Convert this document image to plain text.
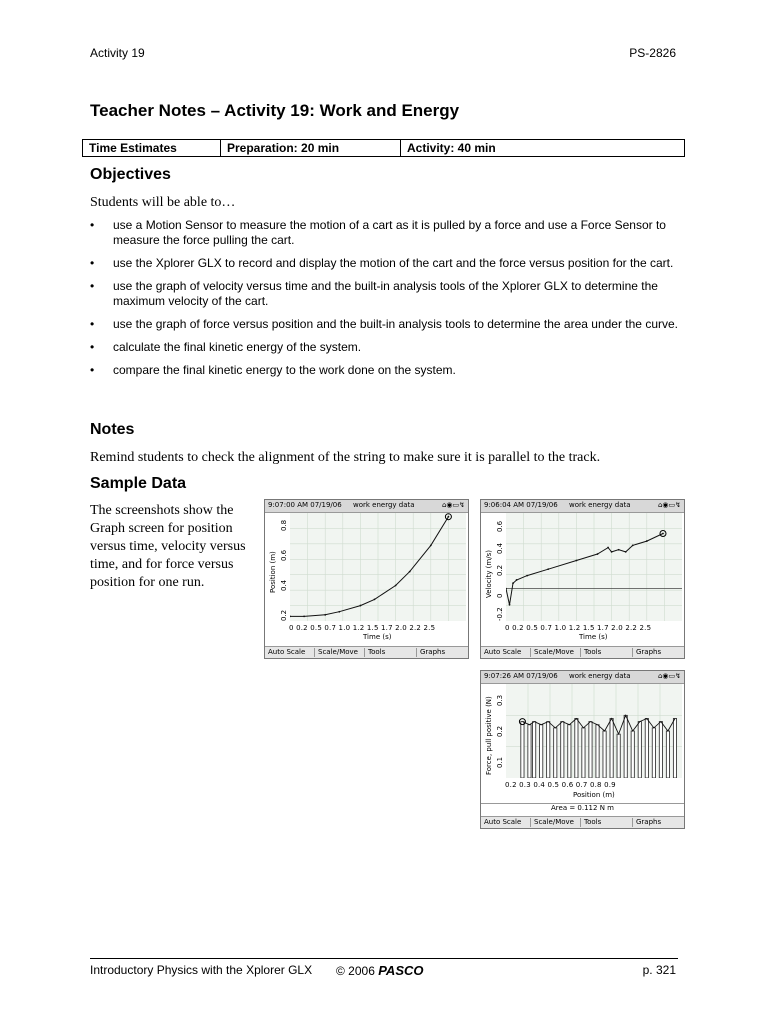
Activity 19	PS-2826
Teacher Notes – Activity 19: Work and Energy
Time Estimates	Preparation: 20 min	Activity: 40 min
Objectives
Students will be able to…
• use a Motion Sensor to measure the motion of a cart as it is pulled by a force and use a Force Sensor to measure the force pulling the cart.
• use the Xplorer GLX to record and display the motion of the cart and the force versus position for the cart.
• use the graph of velocity versus time and the built-in analysis tools of the Xplorer GLX to determine the maximum velocity of the cart.
• use the graph of force versus position and the built-in analysis tools to determine the area under the curve.
• calculate the final kinetic energy of the system.
• compare the final kinetic energy to the work done on the system.
Notes
Remind students to check the alignment of the string to make sure it is parallel to the track.
Sample Data
The screenshots show the Graph screen for position versus time, velocity versus time, and for force versus position for one run.
9:07:00 AM 07/19/06 work energy data	⌂◉▭↯
Position (m)
0 0.2 0.5 0.7 1.0 1.2 1.5 1.7 2.0 2.2 2.5
0.2
0.4
0.6
0.8
Time (s)
Auto Scale	Scale/Move	Tools	Graphs
9:06:04 AM 07/19/06 work energy data	⌂◉▭↯
Velocity (m/s)
0 0.2 0.5 0.7 1.0 1.2 1.5 1.7 2.0 2.2 2.5
-0.2
0
0.2
0.4
0.6
Time (s)
Auto Scale	Scale/Move	Tools	Graphs
9:07:26 AM 07/19/06 work energy data	⌂◉▭↯
Force, pull positive (N)
0.2 0.3 0.4 0.5 0.6 0.7 0.8 0.9
0.1
0.2
0.3
Position (m)
Area = 0.112 N m
Auto Scale	Scale/Move	Tools	Graphs
Introductory Physics with the Xplorer GLX © 2006 PASCO	p. 321
